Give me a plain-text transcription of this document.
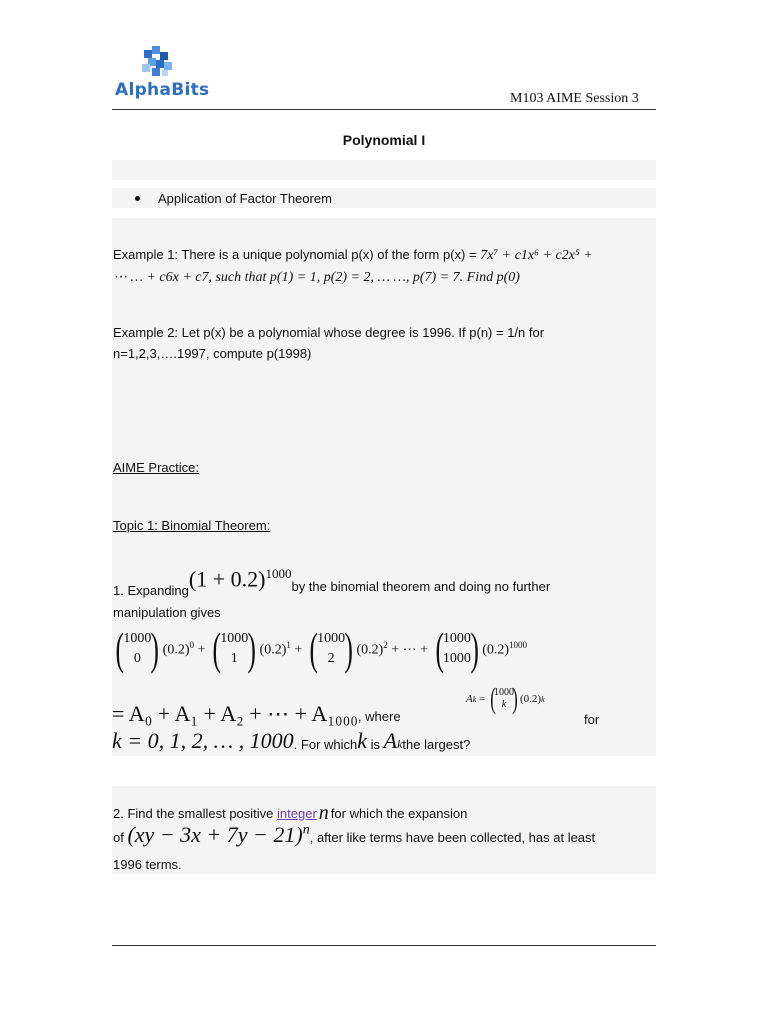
AlphaBits	M103 AIME Session 3
Polynomial I
Application of Factor Theorem
Example 1: There is a unique polynomial p(x) of the form p(x) = 7x⁷ + c1x⁶ + c2x⁵ +
⋯ … + c6x + c7, such that p(1) = 1, p(2) = 2, … …, p(7) = 7. Find p(0)
Example 2: Let p(x) be a polynomial whose degree is 1996. If p(n) = 1/n for
n=1,2,3,….1997, compute p(1998)
AIME Practice:
Topic 1: Binomial Theorem:
1. Expanding $(1 + 0.2)^{1000}$
by the binomial theorem and doing no further
manipulation gives
( 1000
0 ) $(0.2)^0$ + ( 1000
1 ) $(0.2)^1$ + ( 1000
2 ) $(0.2)^2$ + ⋯ + ( 1000
1000 ) $(0.2)^{1000}$
= A₀ + A₁ + A₂ + ⋯ + A₁₀₀₀, where
A k = (
1000
k ) (0.2) k
for
k = 0, 1, 2, … , 1000 . For which k is A k the largest?
2. Find the smallest positive integer n for which the expansion
of (xy − 3x + 7y − 21)$^n$ , after like terms have been collected, has at least
1996 terms.
